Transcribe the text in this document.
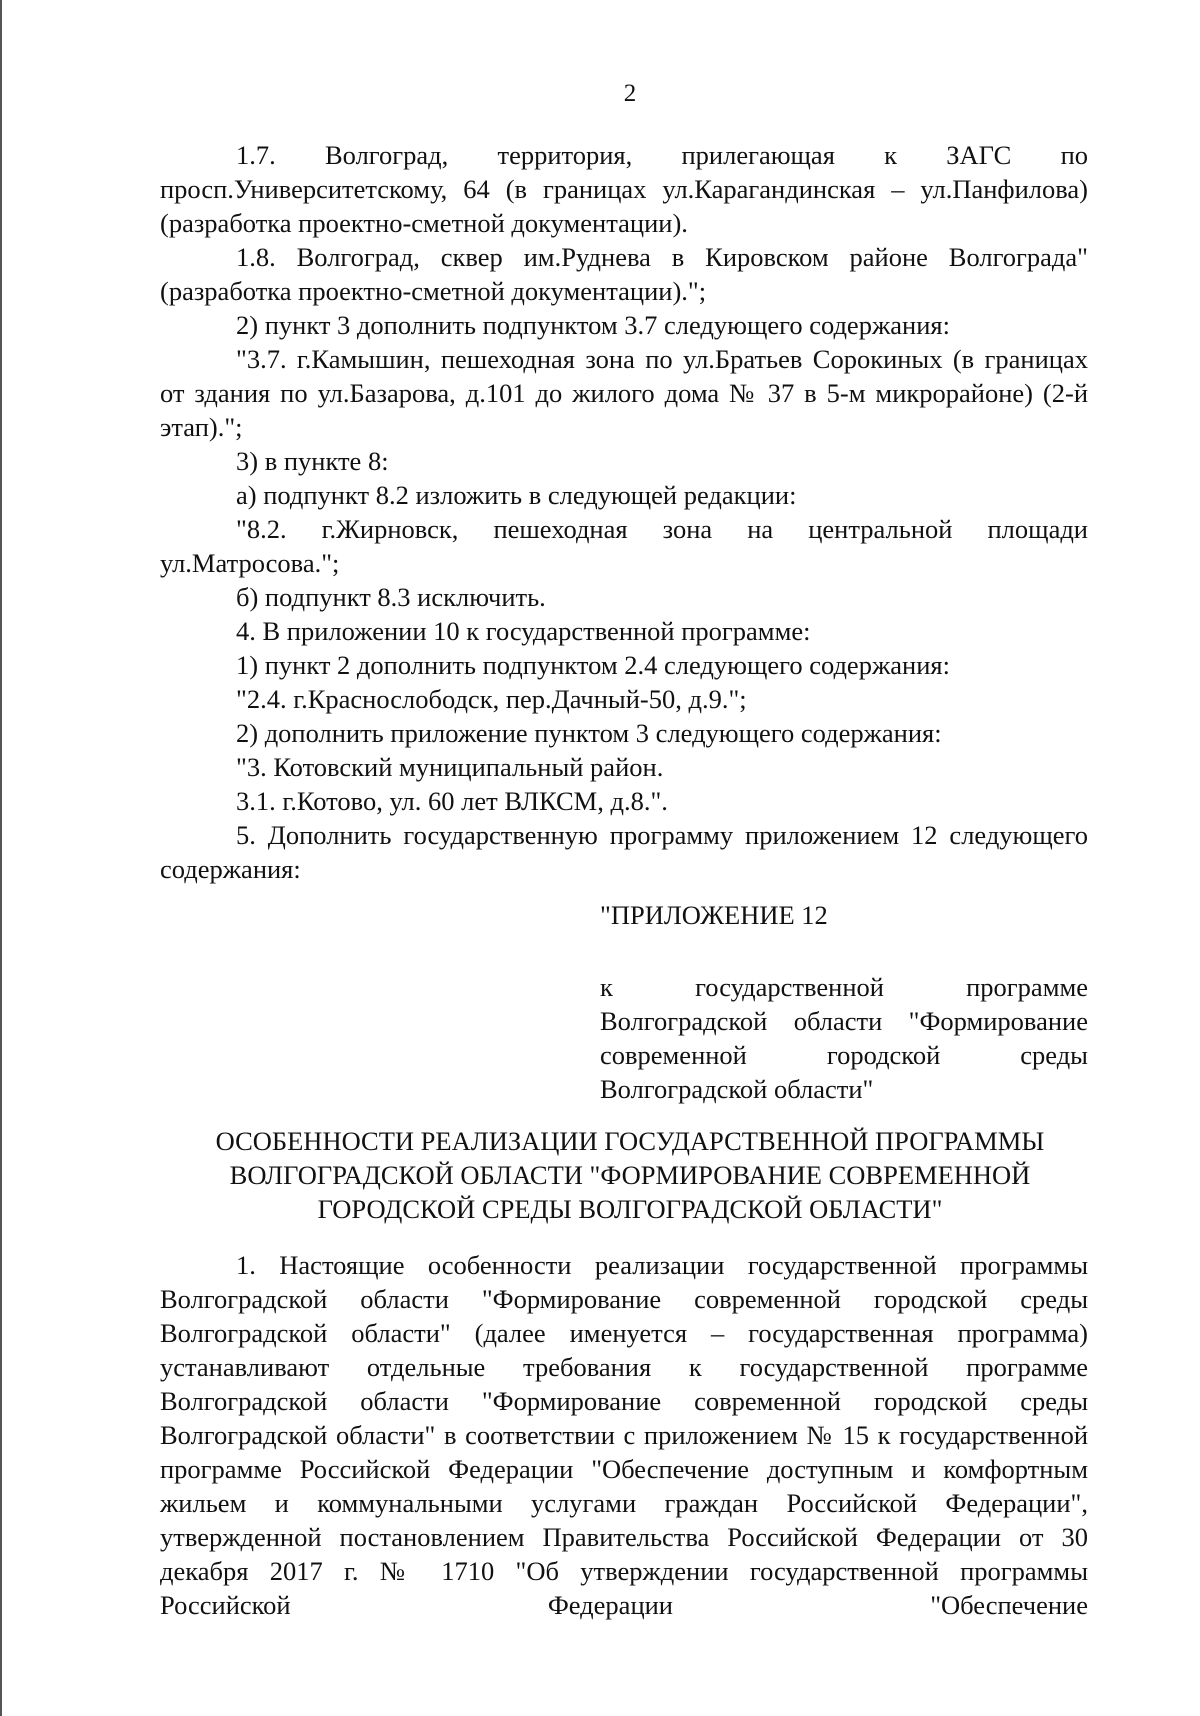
2

1.7. Волгоград, территория, прилегающая к ЗАГС по просп.Университетскому, 64 (в границах ул.Карагандинская – ул.Панфилова) (разработка проектно-сметной документации).

1.8. Волгоград, сквер им.Руднева в Кировском районе Волгограда" (разработка проектно-сметной документации).";

2) пункт 3 дополнить подпунктом 3.7 следующего содержания:

"3.7. г.Камышин, пешеходная зона по ул.Братьев Сорокиных (в границах от здания по ул.Базарова, д.101 до жилого дома № 37 в 5-м микрорайоне) (2-й этап).";

3) в пункте 8:

а) подпункт 8.2 изложить в следующей редакции:

"8.2. г.Жирновск, пешеходная зона на центральной площади ул.Матросова.";

б) подпункт 8.3 исключить.

4. В приложении 10 к государственной программе:

1) пункт 2 дополнить подпунктом 2.4 следующего содержания:

"2.4. г.Краснослободск, пер.Дачный-50, д.9.";

2) дополнить приложение пунктом 3 следующего содержания:

"3. Котовский муниципальный район.

3.1. г.Котово, ул. 60 лет ВЛКСМ, д.8.".

5. Дополнить государственную программу приложением 12 следующего содержания:

"ПРИЛОЖЕНИЕ 12
к государственной программе
Волгоградской области "Формирование
современной городской среды
Волгоградской области"
ОСОБЕННОСТИ РЕАЛИЗАЦИИ ГОСУДАРСТВЕННОЙ ПРОГРАММЫ
ВОЛГОГРАДСКОЙ ОБЛАСТИ "ФОРМИРОВАНИЕ СОВРЕМЕННОЙ
ГОРОДСКОЙ СРЕДЫ ВОЛГОГРАДСКОЙ ОБЛАСТИ"

1. Настоящие особенности реализации государственной программы Волгоградской области "Формирование современной городской среды Волгоградской области" (далее именуется – государственная программа) устанавливают отдельные требования к государственной программе Волгоградской области "Формирование современной городской среды Волгоградской области" в соответствии с приложением № 15 к государственной программе Российской Федерации "Обеспечение доступным и комфортным жильем и коммунальными услугами граждан Российской Федерации", утвержденной постановлением Правительства Российской Федерации от 30 декабря 2017 г. № 1710 "Об утверждении государственной программы Российской Федерации "Обеспечение
